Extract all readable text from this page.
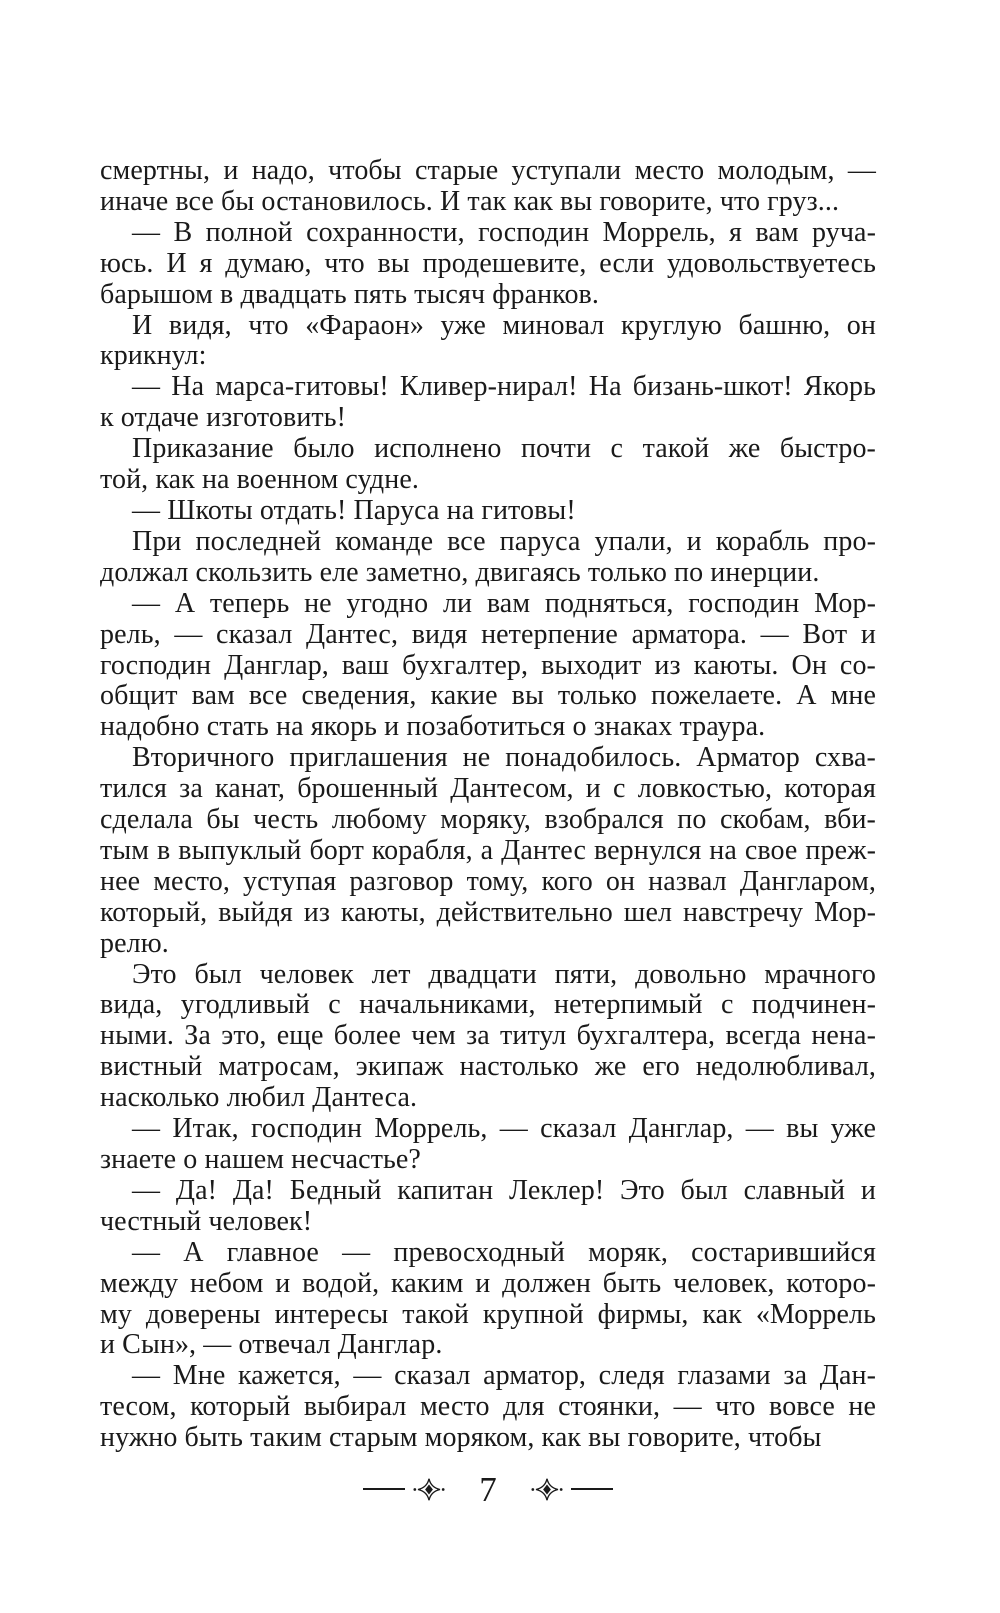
смертны, и надо, чтобы старые уступали место молодым, —
иначе все бы остановилось. И так как вы говорите, что груз...
— В полной сохранности, господин Моррель, я вам руча-
юсь. И я думаю, что вы продешевите, если удовольствуетесь
барышом в двадцать пять тысяч франков.
И видя, что «Фараон» уже миновал круглую башню, он
крикнул:
— На марса-гитовы! Кливер-нирал! На бизань-шкот! Якорь
к отдаче изготовить!
Приказание было исполнено почти с такой же быстро-
той, как на военном судне.
— Шкоты отдать! Паруса на гитовы!
При последней команде все паруса упали, и корабль про-
должал скользить еле заметно, двигаясь только по инерции.
— А теперь не угодно ли вам подняться, господин Мор-
рель, — сказал Дантес, видя нетерпение арматора. — Вот и
господин Данглар, ваш бухгалтер, выходит из каюты. Он со-
общит вам все сведения, какие вы только пожелаете. А мне
надобно стать на якорь и позаботиться о знаках траура.
Вторичного приглашения не понадобилось. Арматор схва-
тился за канат, брошенный Дантесом, и с ловкостью, которая
сделала бы честь любому моряку, взобрался по скобам, вби-
тым в выпуклый борт корабля, а Дантес вернулся на свое преж-
нее место, уступая разговор тому, кого он назвал Дангларом,
который, выйдя из каюты, действительно шел навстречу Мор-
релю.
Это был человек лет двадцати пяти, довольно мрачного
вида, угодливый с начальниками, нетерпимый с подчинен-
ными. За это, еще более чем за титул бухгалтера, всегда нена-
вистный матросам, экипаж настолько же его недолюбливал,
насколько любил Дантеса.
— Итак, господин Моррель, — сказал Данглар, — вы уже
знаете о нашем несчастье?
— Да! Да! Бедный капитан Леклер! Это был славный и
честный человек!
— А главное — превосходный моряк, состарившийся
между небом и водой, каким и должен быть человек, которо-
му доверены интересы такой крупной фирмы, как «Моррель
и Сын», — отвечал Данглар.
— Мне кажется, — сказал арматор, следя глазами за Дан-
тесом, который выбирал место для стоянки, — что вовсе не
нужно быть таким старым моряком, как вы говорите, чтобы
7
